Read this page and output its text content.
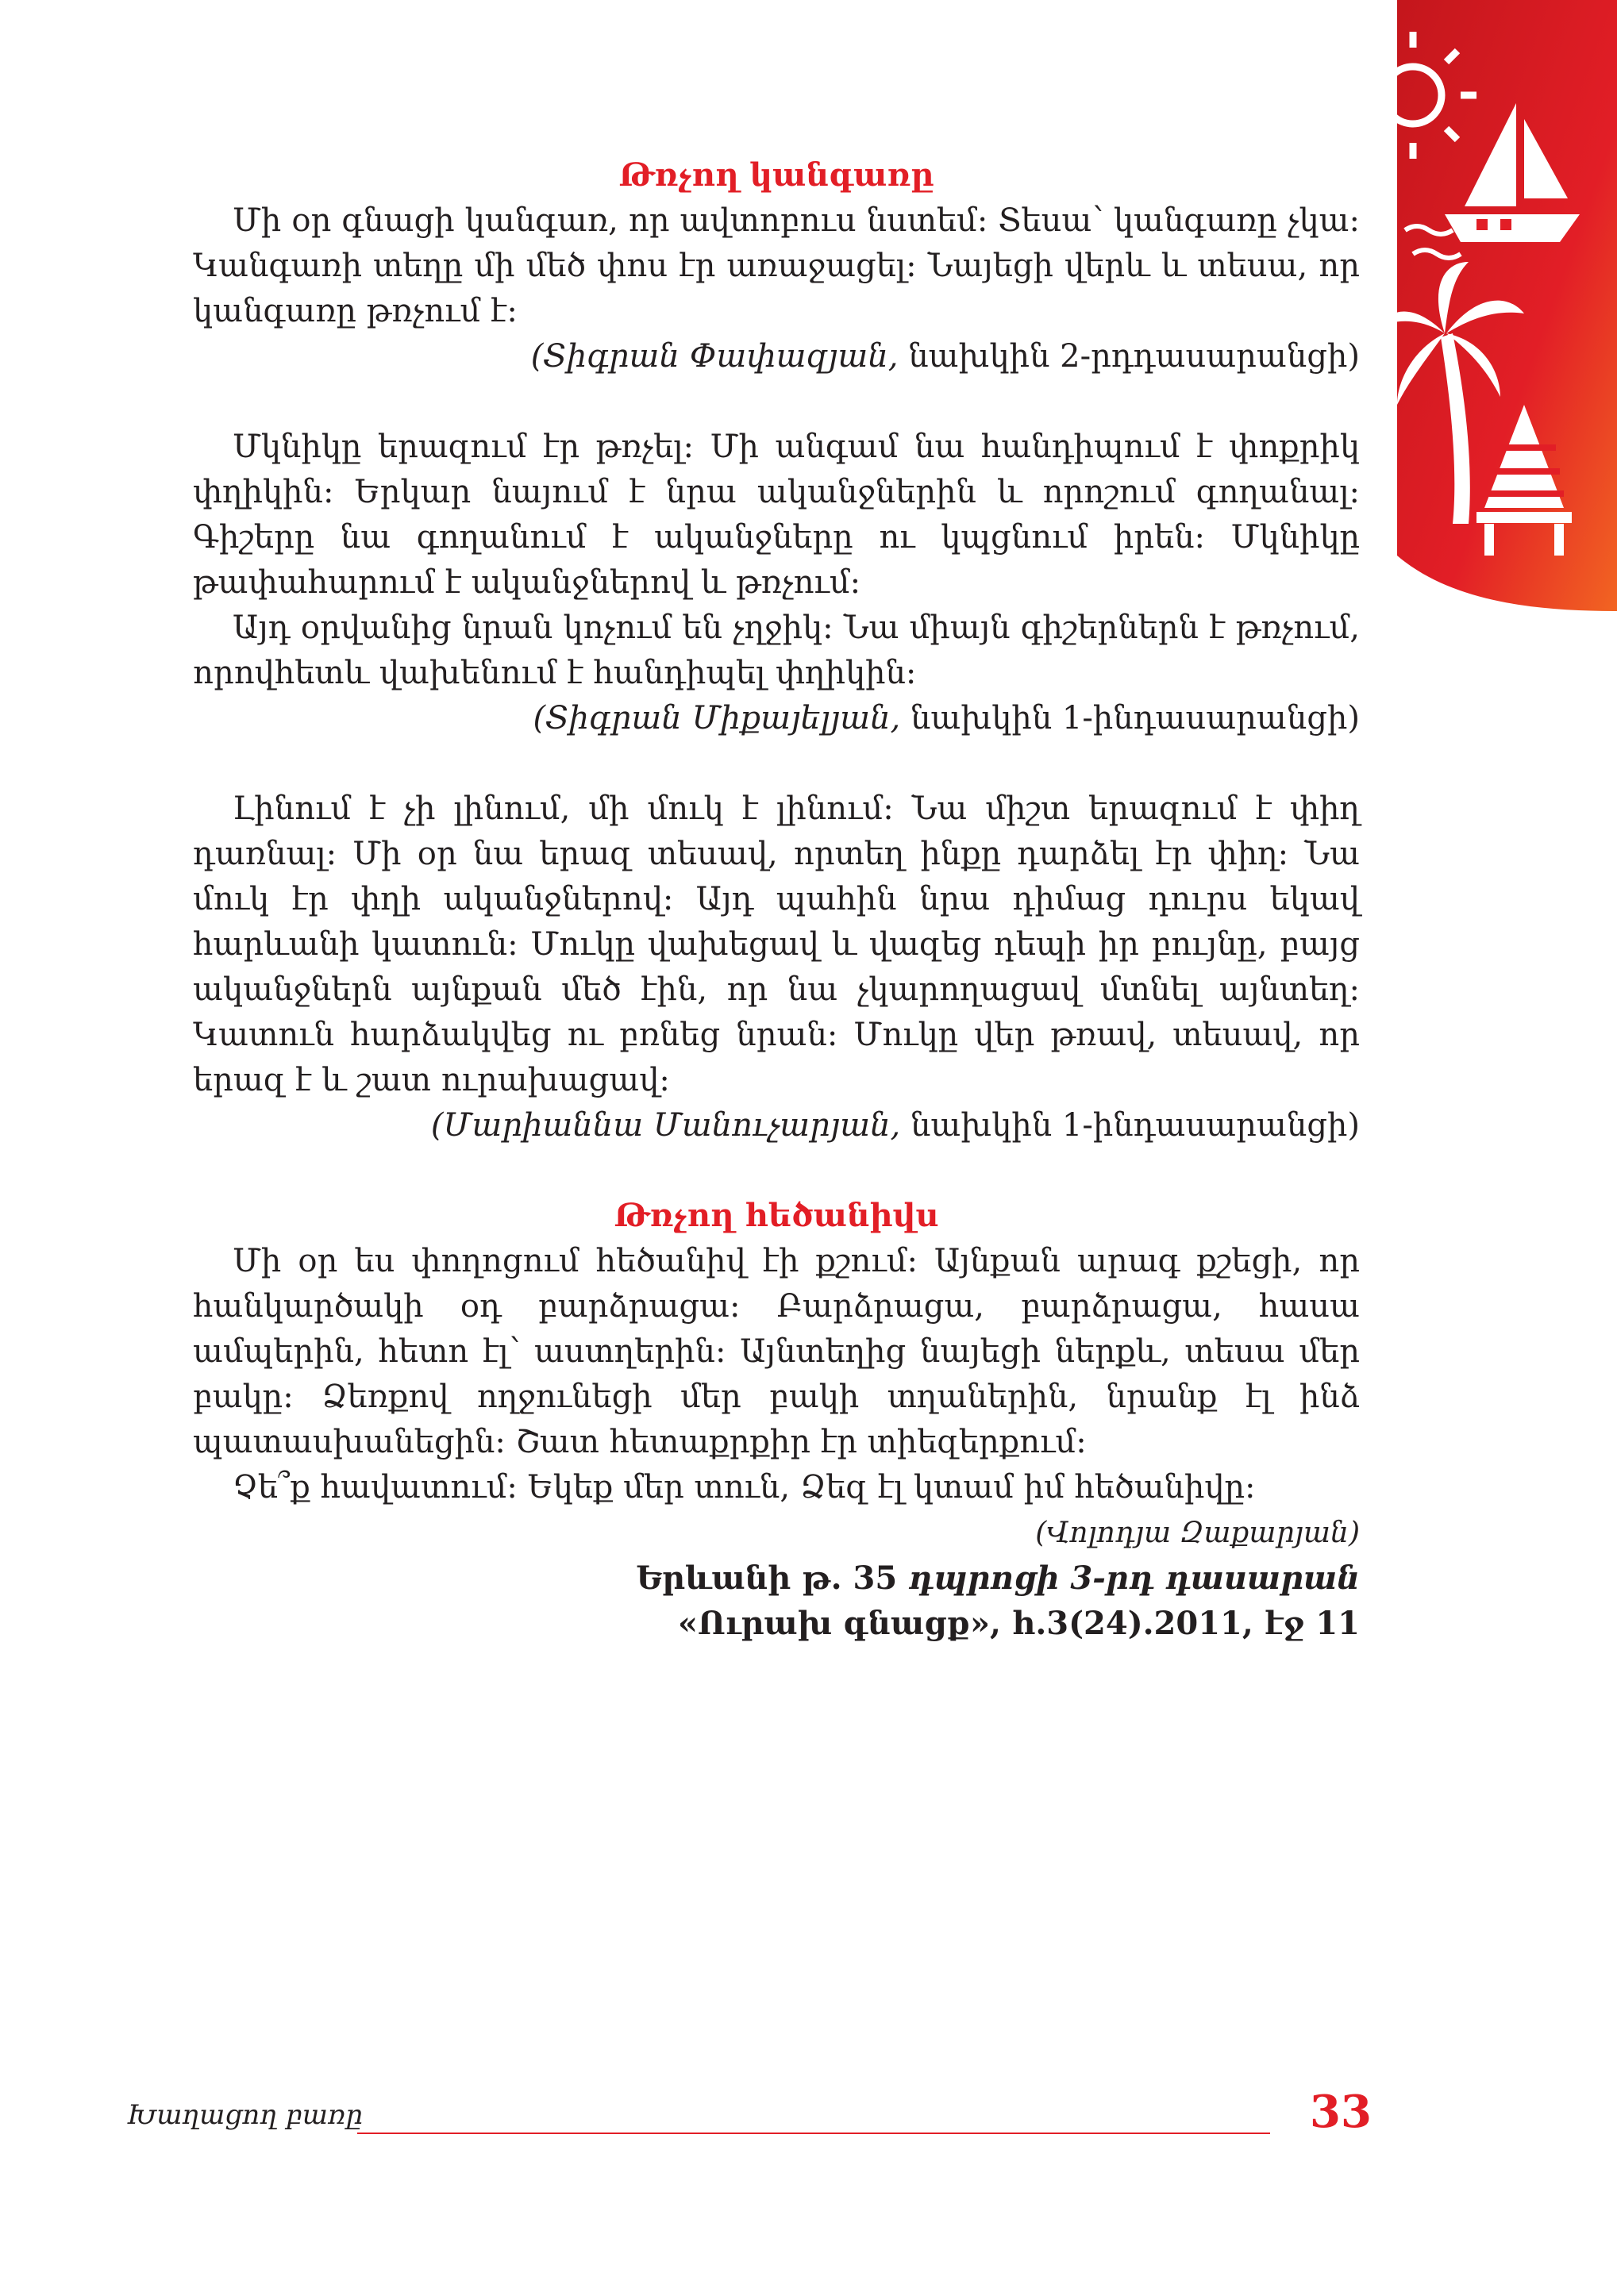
Թռչող կանգառը

Մի օր գնացի կանգառ, որ ավտոբուս նստեմ: Տեսա՝ կանգառը չկա: Կանգառի տեղը մի մեծ փոս էր առաջացել: Նայեցի վերև և տեսա, որ կանգառը թռչում է:

(Տիգրան Փափազյան, նախկին 2-րդդասարանցի)

Մկնիկը երազում էր թռչել: Մի անգամ նա հանդիպում է փոքրիկ փղիկին: Երկար նայում է նրա ականջներին և որոշում գողանալ: Գիշերը նա գողանում է ականջները ու կպցնում իրեն: Մկնիկը թափահարում է ականջներով և թռչում:

Այդ օրվանից նրան կոչում են չղջիկ: Նա միայն գիշերներն է թռչում, որովհետև վախենում է հանդիպել փղիկին:

(Տիգրան Միքայելյան, նախկին 1-ինդասարանցի)

Լինում է չի լինում, մի մուկ է լինում: Նա միշտ երազում է փիղ դառնալ: Մի օր նա երազ տեսավ, որտեղ ինքը դարձել էր փիղ: Նա մուկ էր փղի ականջներով: Այդ պահին նրա դիմաց դուրս եկավ հարևանի կատուն: Մուկը վախեցավ և վազեց դեպի իր բույնը, բայց ականջներն այնքան մեծ էին, որ նա չկարողացավ մտնել այնտեղ: Կատուն հարձակվեց ու բռնեց նրան: Մուկը վեր թռավ, տեսավ, որ երազ է և շատ ուրախացավ:

(Մարիաննա Մանուչարյան, նախկին 1-ինդասարանցի)

Թռչող հեծանիվս

Մի օր ես փողոցում հեծանիվ էի քշում: Այնքան արագ քշեցի, որ հանկարծակի օդ բարձրացա: Բարձրացա, բարձրացա, հասա ամպերին, հետո էլ՝ աստղերին: Այնտեղից նայեցի ներքև, տեսա մեր բակը: Ձեռքով ողջունեցի մեր բակի տղաներին, նրանք էլ ինձ պատասխանեցին: Շատ հետաքրքիր էր տիեզերքում:

Չե՞ք հավատում: Եկեք մեր տուն, Ձեզ էլ կտամ իմ հեծանիվը:

(Վոլոդյա Զաքարյան)

Երևանի թ. 35 դպրոցի 3-րդ դասարան

«Ուրախ գնացք», հ.3(24).2011, էջ 11

Խաղացող բառը	33
